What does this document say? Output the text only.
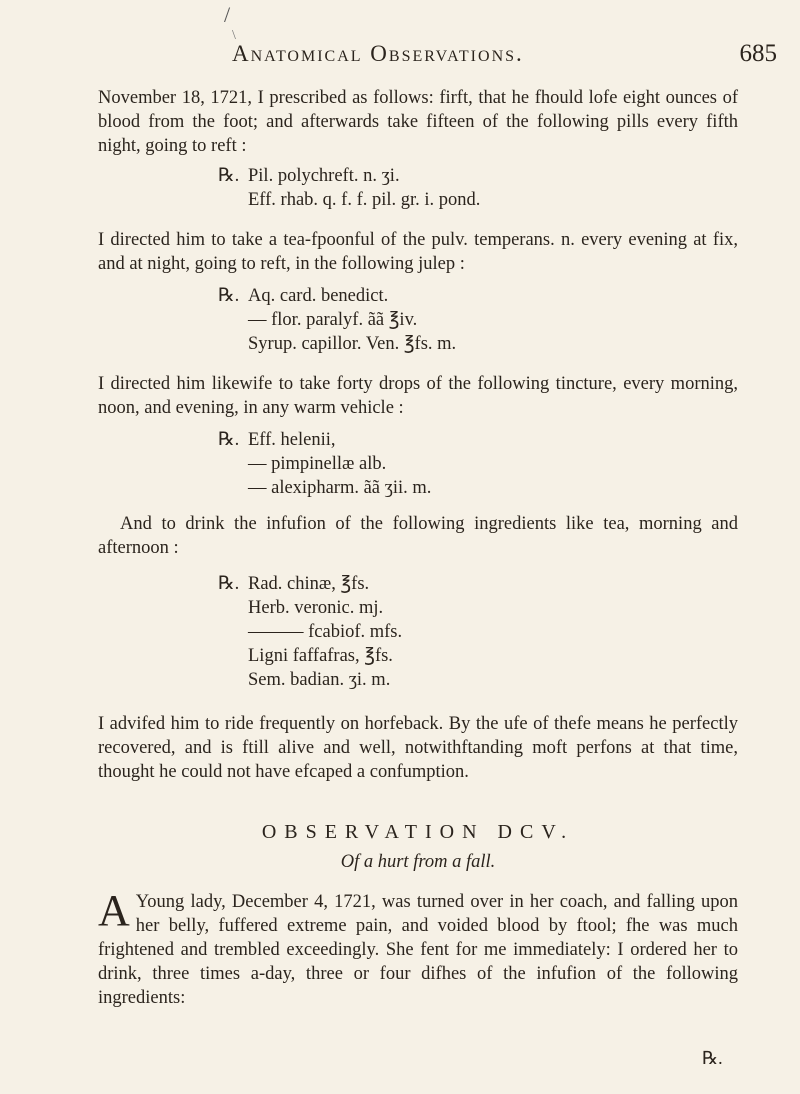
/
\
Anatomical Observations.	685

November 18, 1721, I prescribed as follows: firft, that he fhould lofe eight ounces of blood from the foot; and afterwards take fifteen of the following pills every fifth night, going to reft :

℞. Pil. polychreft. n. ʒi.
Eff. rhab. q. f. f. pil. gr. i. pond.

I directed him to take a tea-fpoonful of the pulv. temperans. n. every evening at fix, and at night, going to reft, in the following julep :

℞. Aq. card. benedict.
— flor. paralyf. ãã ℥iv.
Syrup. capillor. Ven. ℥fs. m.

I directed him likewife to take forty drops of the following tincture, every morning, noon, and evening, in any warm vehicle :

℞. Eff. helenii,
— pimpinellæ alb.
— alexipharm. ãã ʒii. m.

And to drink the infufion of the following ingredients like tea, morning and afternoon :

℞. Rad. chinæ, ℥fs.
Herb. veronic. mj.
——— fcabiof. mfs.
Ligni faffafras, ℥fs.
Sem. badian. ʒi. m.

I advifed him to ride frequently on horfeback. By the ufe of thefe means he perfectly recovered, and is ftill alive and well, notwithftanding moft perfons at that time, thought he could not have efcaped a confumption.

OBSERVATION DCV.
Of a hurt from a fall.

A Young lady, December 4, 1721, was turned over in her coach, and falling upon her belly, fuffered extreme pain, and voided blood by ftool; fhe was much frightened and trembled exceedingly. She fent for me immediately: I ordered her to drink, three times a-day, three or four difhes of the infufion of the following ingredients:

℞.
